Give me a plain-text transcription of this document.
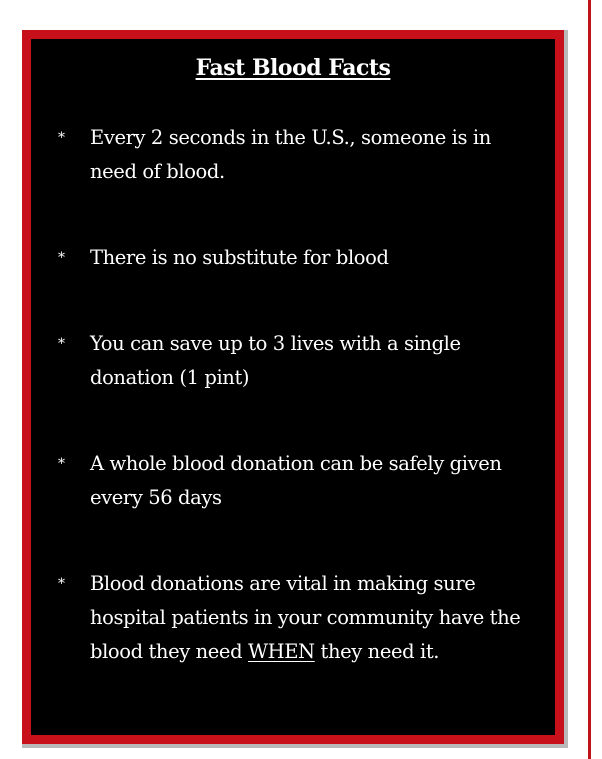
Fast Blood Facts
* Every 2 seconds in the U.S., someone is in need of blood.
* There is no substitute for blood
* You can save up to 3 lives with a single donation (1 pint)
* A whole blood donation can be safely given every 56 days
* Blood donations are vital in making sure hospital patients in your community have the blood they need WHEN they need it.
